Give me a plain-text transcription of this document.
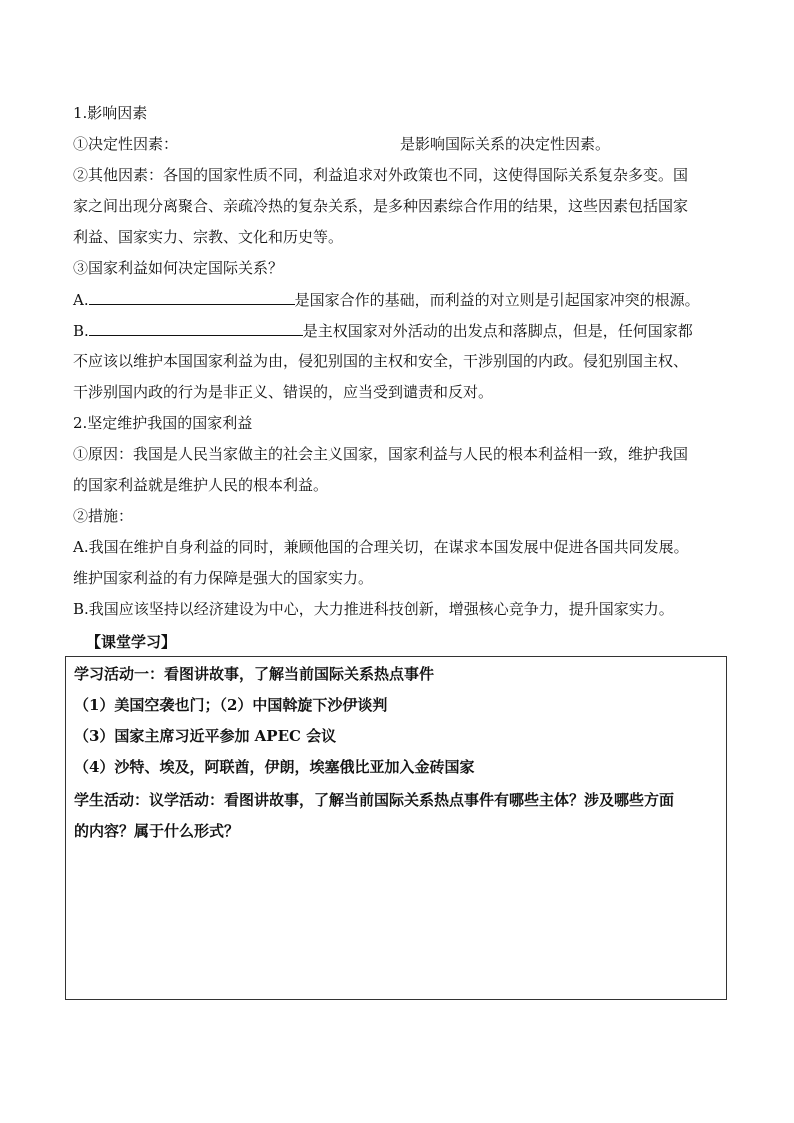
1.影响因素
①决定性因素：	是影响国际关系的决定性因素。
②其他因素：各国的国家性质不同，利益追求对外政策也不同，这使得国际关系复杂多变。国
家之间出现分离聚合、亲疏冷热的复杂关系，是多种因素综合作用的结果，这些因素包括国家
利益、国家实力、宗教、文化和历史等。
③国家利益如何决定国际关系？
A.	是国家合作的基础，而利益的对立则是引起国家冲突的根源。
B.	是主权国家对外活动的出发点和落脚点，但是，任何国家都
不应该以维护本国国家利益为由，侵犯别国的主权和安全，干涉别国的内政。侵犯别国主权、
干涉别国内政的行为是非正义、错误的，应当受到谴责和反对。
2.坚定维护我国的国家利益
①原因：我国是人民当家做主的社会主义国家，国家利益与人民的根本利益相一致，维护我国
的国家利益就是维护人民的根本利益。
②措施：
A.我国在维护自身利益的同时，兼顾他国的合理关切，在谋求本国发展中促进各国共同发展。
维护国家利益的有力保障是强大的国家实力。
B.我国应该坚持以经济建设为中心，大力推进科技创新，增强核心竞争力，提升国家实力。
【课堂学习】
学习活动一：看图讲故事，了解当前国际关系热点事件
（1）美国空袭也门；（2）中国斡旋下沙伊谈判
（3）国家主席习近平参加 APEC 会议
（4）沙特、埃及，阿联酋，伊朗，埃塞俄比亚加入金砖国家
学生活动：议学活动：看图讲故事，了解当前国际关系热点事件有哪些主体？涉及哪些方面
的内容？属于什么形式？
